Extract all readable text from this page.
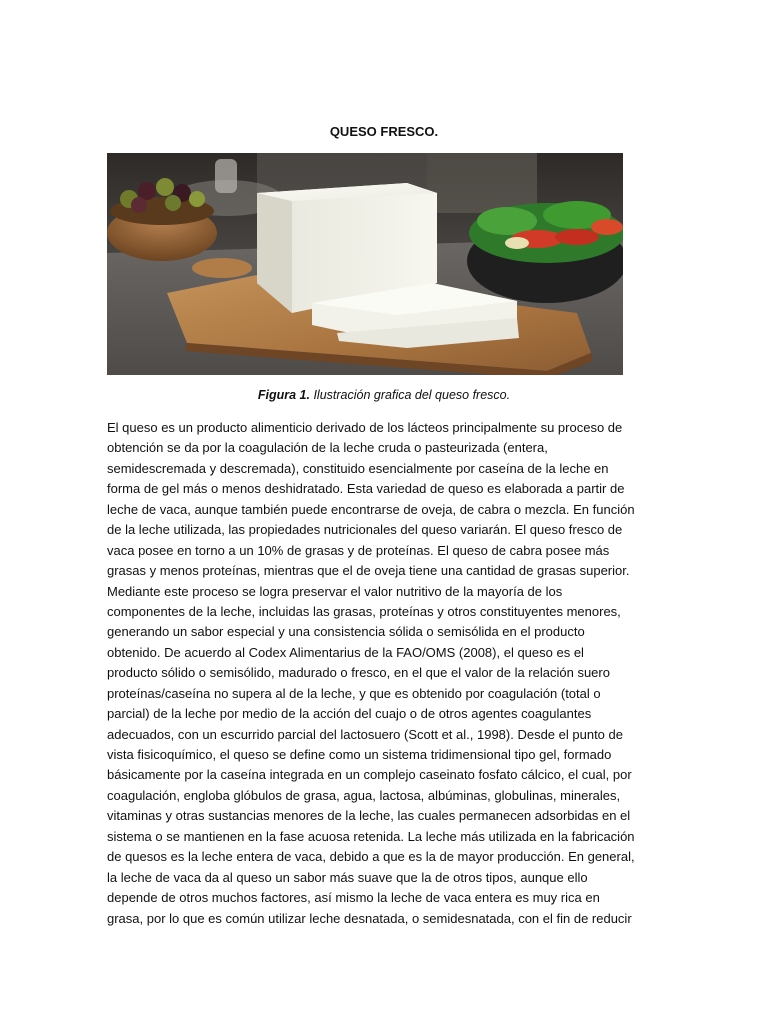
QUESO FRESCO.
Figura 1. Ilustración grafica del queso fresco.
El queso es un producto alimenticio derivado de los lácteos principalmente su proceso de
obtención se da por la coagulación de la leche cruda o pasteurizada (entera,
semidescremada y descremada), constituido esencialmente por caseína de la leche en
forma de gel más o menos deshidratado. Esta variedad de queso es elaborada a partir de
leche de vaca, aunque también puede encontrarse de oveja, de cabra o mezcla. En función
de la leche utilizada, las propiedades nutricionales del queso variarán. El queso fresco de
vaca posee en torno a un 10% de grasas y de proteínas. El queso de cabra posee más
grasas y menos proteínas, mientras que el de oveja tiene una cantidad de grasas superior.
Mediante este proceso se logra preservar el valor nutritivo de la mayoría de los
componentes de la leche, incluidas las grasas, proteínas y otros constituyentes menores,
generando un sabor especial y una consistencia sólida o semisólida en el producto
obtenido. De acuerdo al Codex Alimentarius de la FAO/OMS (2008), el queso es el
producto sólido o semisólido, madurado o fresco, en el que el valor de la relación suero
proteínas/caseína no supera al de la leche, y que es obtenido por coagulación (total o
parcial) de la leche por medio de la acción del cuajo o de otros agentes coagulantes
adecuados, con un escurrido parcial del lactosuero (Scott et al., 1998). Desde el punto de
vista fisicoquímico, el queso se define como un sistema tridimensional tipo gel, formado
básicamente por la caseína integrada en un complejo caseinato fosfato cálcico, el cual, por
coagulación, engloba glóbulos de grasa, agua, lactosa, albúminas, globulinas, minerales,
vitaminas y otras sustancias menores de la leche, las cuales permanecen adsorbidas en el
sistema o se mantienen en la fase acuosa retenida. La leche más utilizada en la fabricación
de quesos es la leche entera de vaca, debido a que es la de mayor producción. En general,
la leche de vaca da al queso un sabor más suave que la de otros tipos, aunque ello
depende de otros muchos factores, así mismo la leche de vaca entera es muy rica en
grasa, por lo que es común utilizar leche desnatada, o semidesnatada, con el fin de reducir
